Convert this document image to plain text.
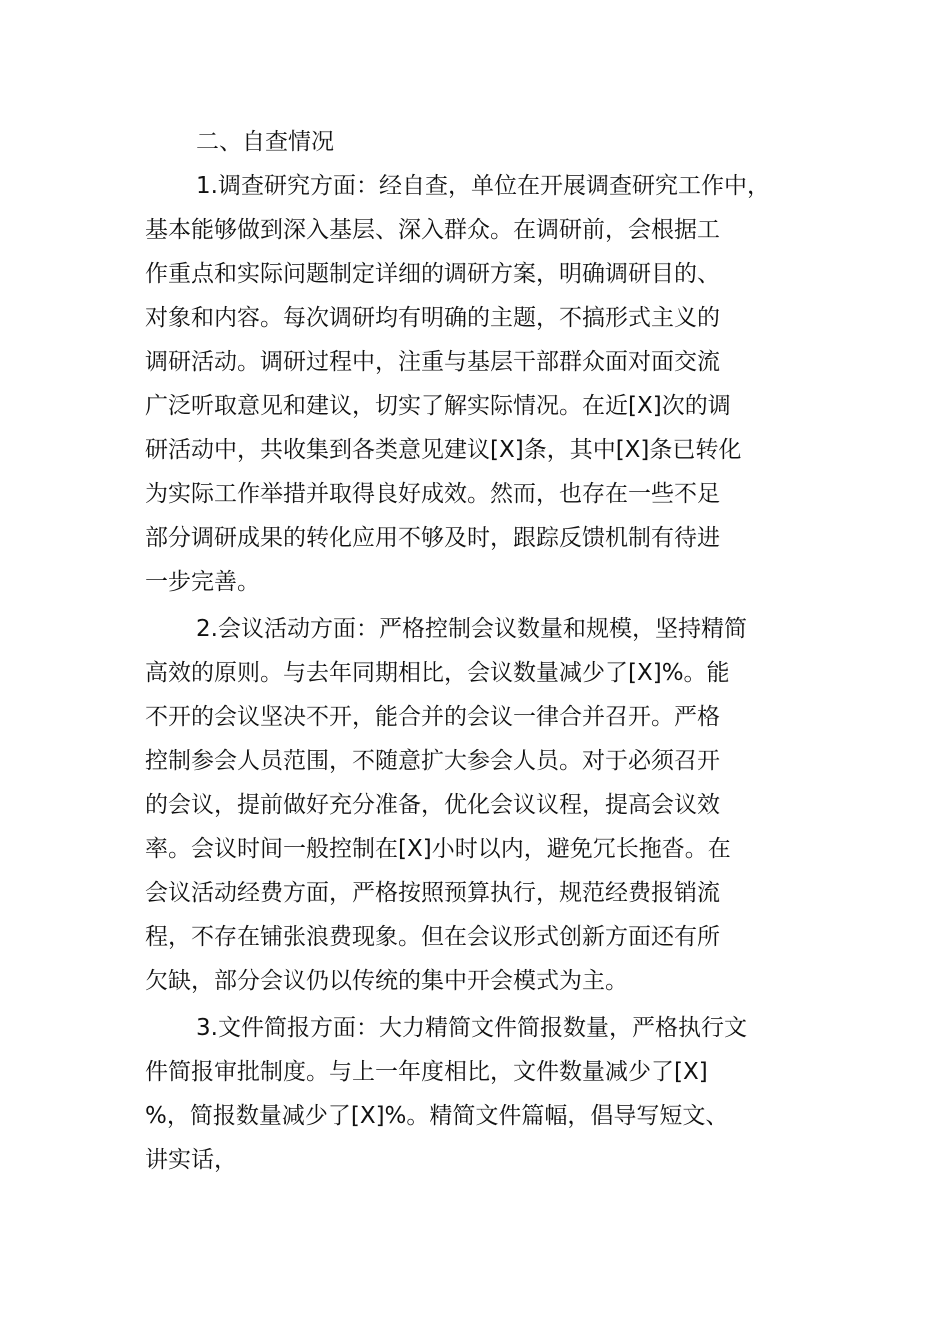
二、自查情况

1.调查研究方面：经自查，单位在开展调查研究工作中，

基本能够做到深入基层、深入群众。在调研前，会根据工

作重点和实际问题制定详细的调研方案，明确调研目的、

对象和内容。每次调研均有明确的主题，不搞形式主义的

调研活动。调研过程中，注重与基层干部群众面对面交流

广泛听取意见和建议，切实了解实际情况。在近[X]次的调

研活动中，共收集到各类意见建议[X]条，其中[X]条已转化

为实际工作举措并取得良好成效。然而，也存在一些不足

部分调研成果的转化应用不够及时，跟踪反馈机制有待进

一步完善。

2.会议活动方面：严格控制会议数量和规模，坚持精简

高效的原则。与去年同期相比，会议数量减少了[X]%。能

不开的会议坚决不开，能合并的会议一律合并召开。严格

控制参会人员范围，不随意扩大参会人员。对于必须召开

的会议，提前做好充分准备，优化会议议程，提高会议效

率。会议时间一般控制在[X]小时以内，避免冗长拖沓。在

会议活动经费方面，严格按照预算执行，规范经费报销流

程，不存在铺张浪费现象。但在会议形式创新方面还有所

欠缺，部分会议仍以传统的集中开会模式为主。

3.文件简报方面：大力精简文件简报数量，严格执行文

件简报审批制度。与上一年度相比，文件数量减少了[X]

%，简报数量减少了[X]%。精简文件篇幅，倡导写短文、

讲实话，
